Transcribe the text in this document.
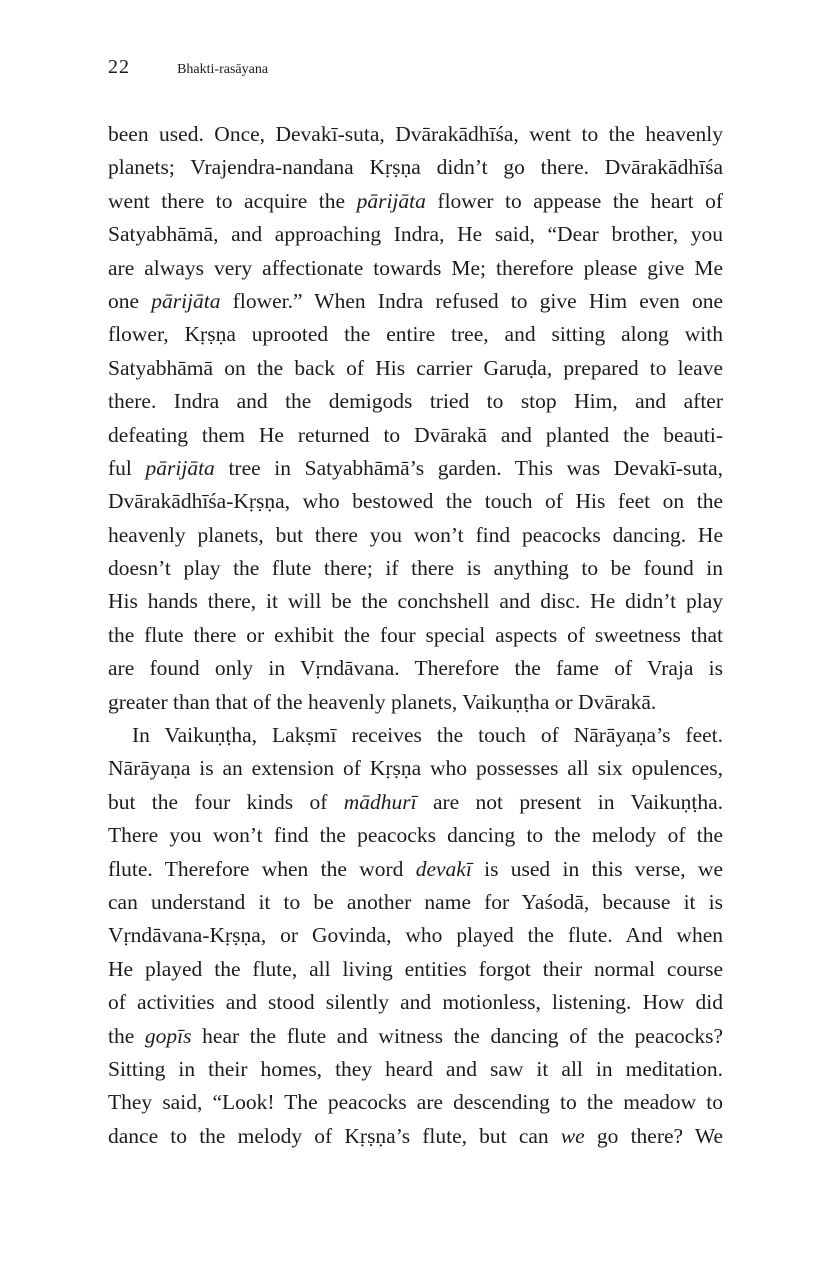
22	Bhakti-rasāyana
been used. Once, Devakī-suta, Dvārakādhīśa, went to the heavenly
planets; Vrajendra-nandana Kṛṣṇa didn’t go there. Dvārakādhīśa
went there to acquire the pārijāta flower to appease the heart of
Satyabhāmā, and approaching Indra, He said, “Dear brother, you
are always very affectionate towards Me; therefore please give Me
one pārijāta flower.” When Indra refused to give Him even one
flower, Kṛṣṇa uprooted the entire tree, and sitting along with
Satyabhāmā on the back of His carrier Garuḍa, prepared to leave
there. Indra and the demigods tried to stop Him, and after
defeating them He returned to Dvārakā and planted the beauti-
ful pārijāta tree in Satyabhāmā’s garden. This was Devakī-suta,
Dvārakādhīśa-Kṛṣṇa, who bestowed the touch of His feet on the
heavenly planets, but there you won’t find peacocks dancing. He
doesn’t play the flute there; if there is anything to be found in
His hands there, it will be the conchshell and disc. He didn’t play
the flute there or exhibit the four special aspects of sweetness that
are found only in Vṛndāvana. Therefore the fame of Vraja is
greater than that of the heavenly planets, Vaikuṇṭha or Dvārakā.
In Vaikuṇṭha, Lakṣmī receives the touch of Nārāyaṇa’s feet.
Nārāyaṇa is an extension of Kṛṣṇa who possesses all six opulences,
but the four kinds of mādhurī are not present in Vaikuṇṭha.
There you won’t find the peacocks dancing to the melody of the
flute. Therefore when the word devakī is used in this verse, we
can understand it to be another name for Yaśodā, because it is
Vṛndāvana-Kṛṣṇa, or Govinda, who played the flute. And when
He played the flute, all living entities forgot their normal course
of activities and stood silently and motionless, listening. How did
the gopīs hear the flute and witness the dancing of the peacocks?
Sitting in their homes, they heard and saw it all in meditation.
They said, “Look! The peacocks are descending to the meadow to
dance to the melody of Kṛṣṇa’s flute, but can we go there? We
